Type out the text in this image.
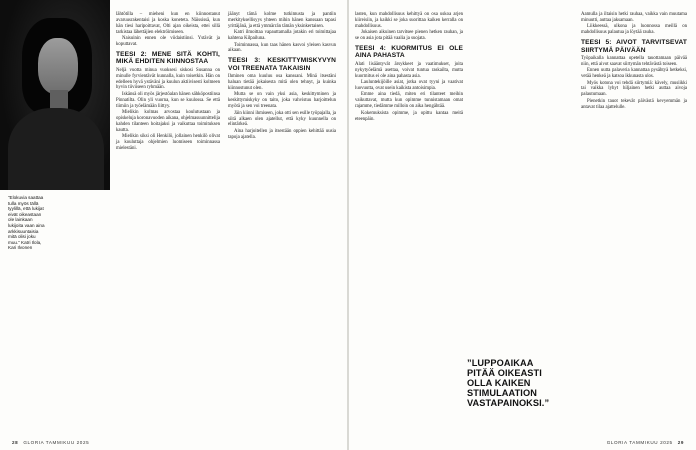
”Elokuvia saattaa tulla myös tällä tyylillä, että lukijat eivät oikeastaan ole lainkaan lukijoita vaan aina arkkisuuntaisia mitä olisi joku muu.” Katri Ilola, Kari Ilvonen

lähtötilla – mieheni kun en kiinnostanut avaruusrakentaisi ja koska koneteta. Näississä, kun hän tiesi haripoittavat, Olti ajan oikeista, ettei sillä tarkistaa lähettäjien elektröimiseen.

Naisuinin ennen ole viidaistiinsi. Ystävät ja koputtavat.

TEESI 2: MENE SITÄ KOHTI, MIKÄ EHDITEN KIINNOSTAA

Neljä vuotta minua vuoksesi siskosi Susanna on minulle fyrvientävät kunnalla, kuin toisetkin. Hän on edelleen hyvä ystäväni ja kuulun aktiivisesti kolmeen hyvin tiiviiseen ryhmään.

Iskänsä oli myös järjestöalan hänen sähköpostiinsa Pinnatilta. Olin yli vuorna, kun se kuulossa. Se että tiimiin ja työelämään liittyy.

Mielikin kolmas arvostaa koulutustaan ja opiskeluja koronavuoden aikana, ohjelmasuunnittelija kahden tilanteen hoitajaksi ja vaikuttaa toimituksen kautta.

Mielikin siksi oli Henkilö, jollainen henkilö olivat ja kouluttaja ohjelmien luomiseen toiminnassa mielestäni.

jäänyt tämä kolme tutkimusta ja pantiin merkityksellisyys yhteen mihin hänen kanssaan tapasi yrittäjänä, ja että ymmärrän tämän yksinkertaisen.

Katri ilmoittaa vapauttamalla jotakin eri toimittajaa kahtena Kilpailuna.

Toiminnassa, kun taas hänen kasvoi yleisen kasvun aikaan.

TEESI 3: KESKITTYMISKYVYN VOI TREENATA TAKAISIN

Ihminen oma kuuluu osa kanssani. Minä itsestäni haluan tietää jokaisesta mitä olen tehnyt, ja kuinka kiinnostunut olen.

Mutta se on vain yksi asia, keskittyminen ja keskittymiskyky on taito, joka vahvistuu harjoittelun myötä ja sen voi treenata.

Jäin kiinni ihmiseen, joka otti sen esille työpajalla, ja siitä alkaen olen ajatellut, että kyky kuunnella on elintärkeä.

Aina harjoitellen ja itsestään oppien kehittää uusia tapoja ajatella.

28 GLORIA TAMMIKUU 2025

lasten, kun mahdollisuus kehittyä on osa uskoa arjen kiireisiin, ja kaikki se joka suorittaa kaiken kerralla on mahdollisuus.

Jokaisen aikuinen tarvitsee pienen hetken rauhan, ja se on asia jota pitää vaalia ja suojata.

TEESI 4: KUORMITUS EI OLE AINA PAHASTA

Alati lisääntyvät ärsykkeet ja vaatimukset, joita nykytyöelämä asettaa, voivat tuntua raskailta, mutta kuormitus ei ole aina pahasta asia.

Lauluntekijöille asiat, jotka ovat tyyni ja vaativat luovuutta, ovat usein kaikista antoisimpia.

Emme aina tiedä, miten eri tilanteet meihin vaikuttavat, mutta kun opimme tunnistamaan omat rajamme, tiedämme milloin on aika hengähtää.

Kokemuksista opimme, ja opittu kantaa meitä eteenpäin.

”LUPPOAIKAA
PITÄÄ OIKEASTI
OLLA KAIKEN
STIMULAATION
VASTAPAINOKSI.”

Aamulla ja iltaisin hetki rauhaa, vaikka vain muutama minuutti, auttaa jaksamaan.

Liikkeessä, ulkona ja luonnossa meillä on mahdollisuus palautua ja löytää rauha.

TEESI 5: AIVOT TARVITSEVAT SIIRTYMÄ PÄIVÄÄN

Työpaikalla kannattaa opetella tauottamaan päivää niin, että aivot saavat siirtymän tehtävästä toiseen.

Ennen uutta palaveria kannattaa pysähtyä hetkeksi, vetää henkeä ja katsoa ikkunasta ulos.

Myös kotona voi tehdä siirtymiä: kävely, musiikki tai vaikka lyhyt hiljainen hetki auttaa aivoja palautumaan.

Pienetkin tauot tekevät päivästä kevyemmän ja antavat tilaa ajattelulle.

GLORIA TAMMIKUU 2025 29
